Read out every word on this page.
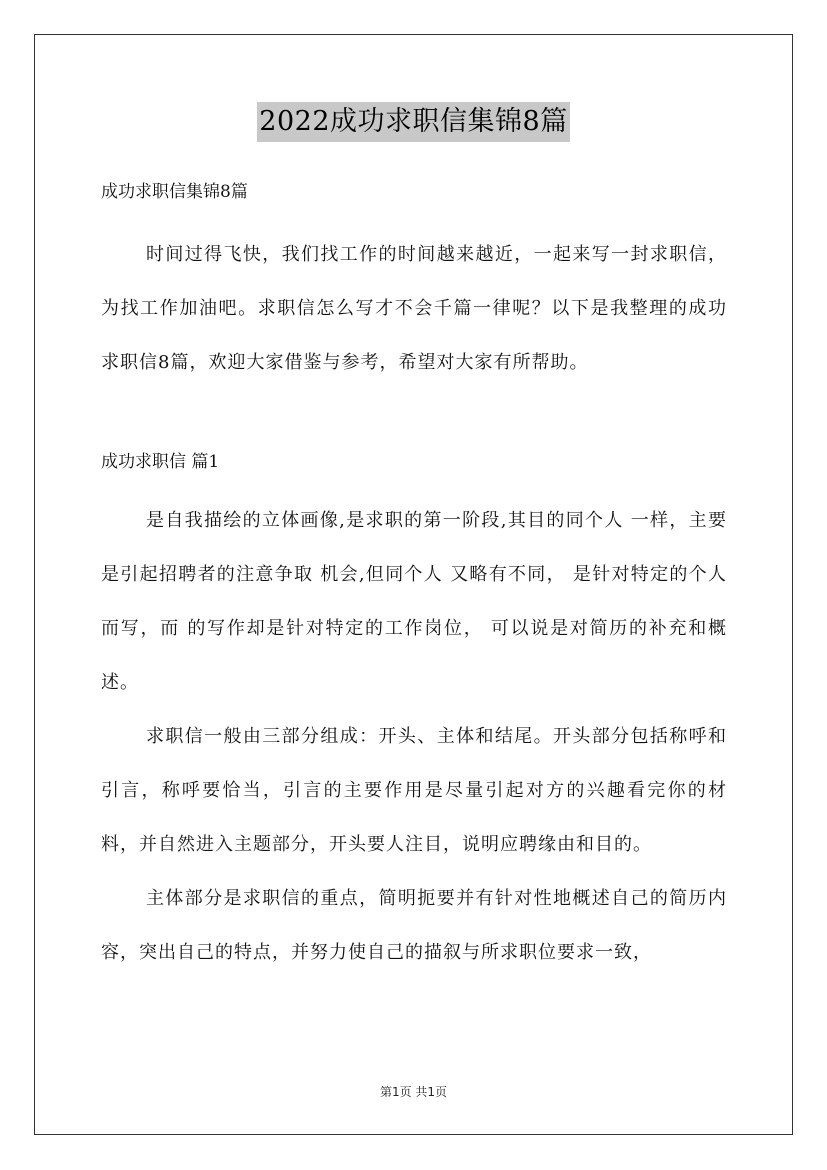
2022成功求职信集锦8篇

成功求职信集锦8篇

时间过得飞快，我们找工作的时间越来越近，一起来写一封求职信，为找工作加油吧。求职信怎么写才不会千篇一律呢？以下是我整理的成功求职信8篇，欢迎大家借鉴与参考，希望对大家有所帮助。

成功求职信 篇1

是自我描绘的立体画像,是求职的第一阶段,其目的同个人 一样，主要是引起招聘者的注意争取 机会,但同个人 又略有不同， 是针对特定的个人而写，而 的写作却是针对特定的工作岗位， 可以说是对简历的补充和概述。

求职信一般由三部分组成：开头、主体和结尾。开头部分包括称呼和引言，称呼要恰当，引言的主要作用是尽量引起对方的兴趣看完你的材料，并自然进入主题部分，开头要人注目，说明应聘缘由和目的。

主体部分是求职信的重点，简明扼要并有针对性地概述自己的简历内容，突出自己的特点，并努力使自己的描叙与所求职位要求一致，

第1页 共1页
